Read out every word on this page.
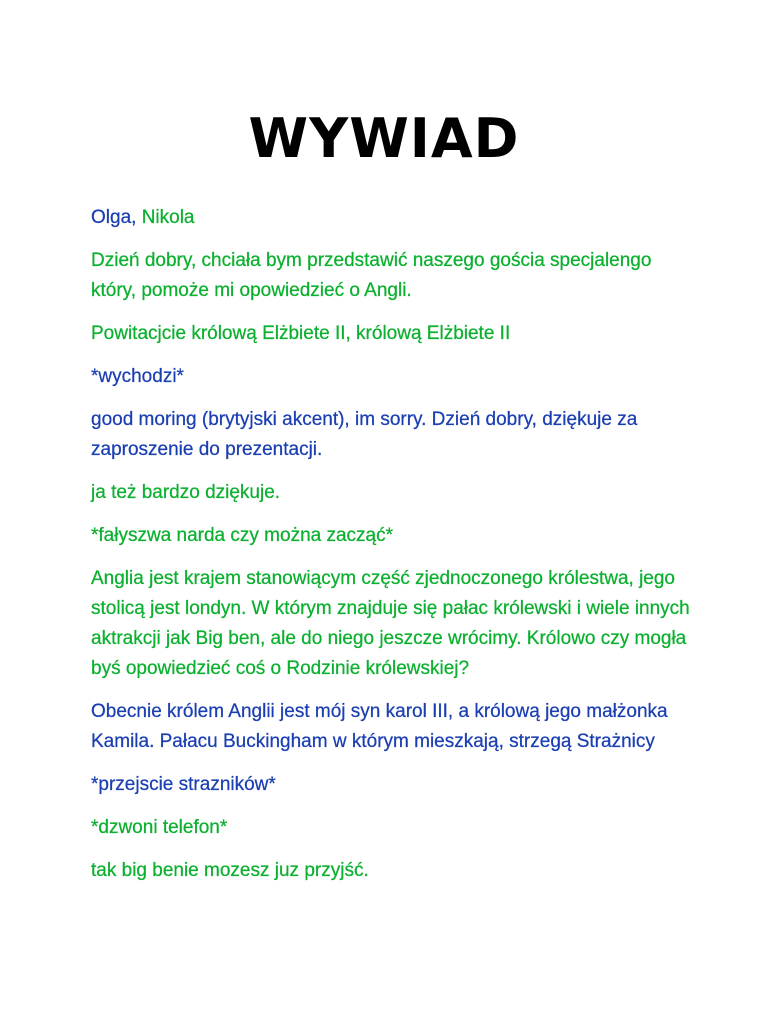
WYWIAD

Olga, Nikola

Dzień dobry, chciała bym przedstawić naszego gościa specjalengo który, pomoże mi opowiedzieć o Angli.

Powitacjcie królową Elżbiete II, królową Elżbiete II

*wychodzi*

good moring (brytyjski akcent), im sorry. Dzień dobry, dziękuje za zaproszenie do prezentacji.

ja też bardzo dziękuje.

*fałyszwa narda czy można zacząć*

Anglia jest krajem stanowiącym część zjednoczonego królestwa, jego stolicą jest londyn. W którym znajduje się pałac królewski i wiele innych aktrakcji jak Big ben, ale do niego jeszcze wrócimy. Królowo czy mogła byś opowiedzieć coś o Rodzinie królewskiej?

Obecnie królem Anglii jest mój syn karol III, a królową jego małżonka Kamila. Pałacu Buckingham w którym mieszkają, strzegą Strażnicy

*przejscie strazników*

*dzwoni telefon*

tak big benie mozesz juz przyjść.
